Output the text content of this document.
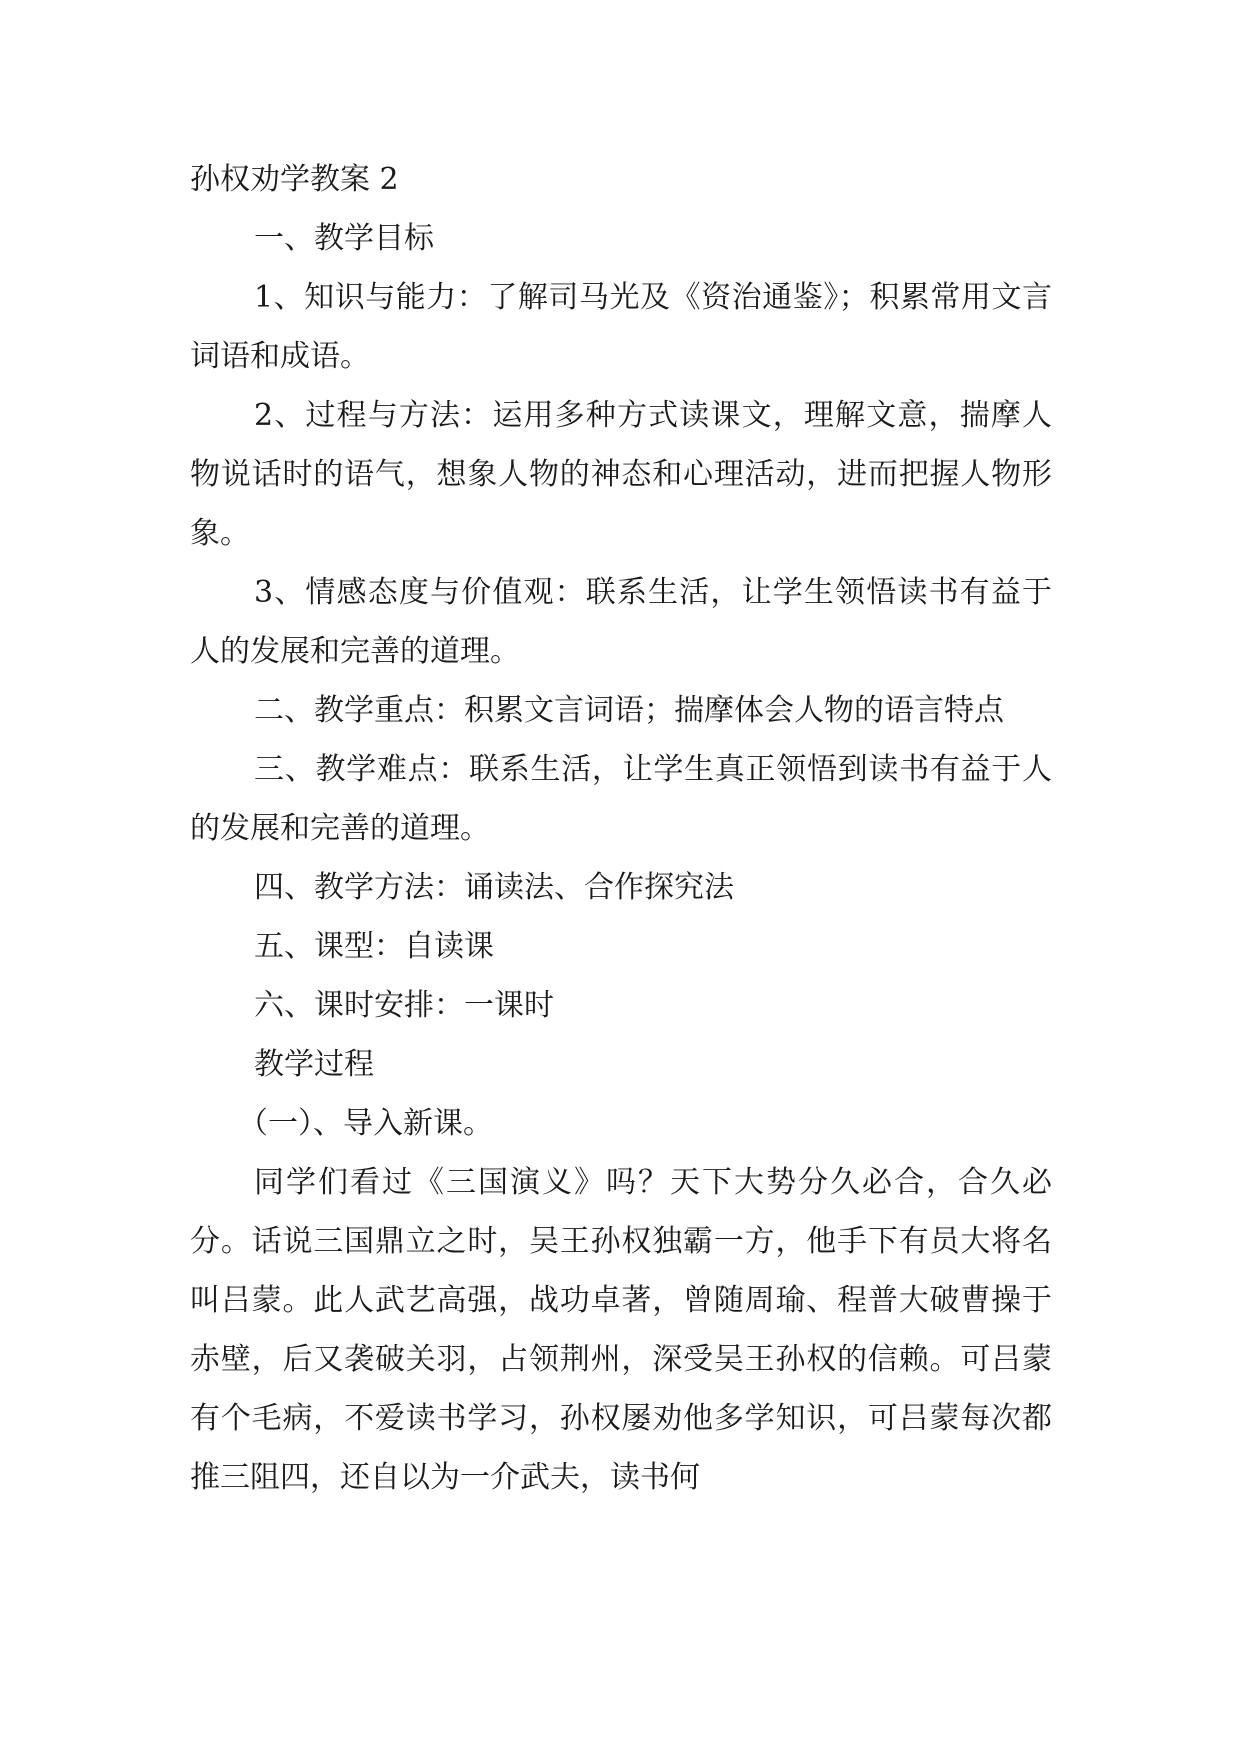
孙权劝学教案 2

一、教学目标

1、知识与能力：了解司马光及《资治通鉴》；积累常用文言词语和成语。

2、过程与方法：运用多种方式读课文，理解文意，揣摩人物说话时的语气，想象人物的神态和心理活动，进而把握人物形象。

3、情感态度与价值观：联系生活，让学生领悟读书有益于人的发展和完善的道理。

二、教学重点：积累文言词语；揣摩体会人物的语言特点

三、教学难点：联系生活，让学生真正领悟到读书有益于人的发展和完善的道理。

四、教学方法：诵读法、合作探究法

五、课型：自读课

六、课时安排：一课时

教学过程

（一）、导入新课。

同学们看过《三国演义》吗？天下大势分久必合，合久必分。话说三国鼎立之时，吴王孙权独霸一方，他手下有员大将名叫吕蒙。此人武艺高强，战功卓著，曾随周瑜、程普大破曹操于赤壁，后又袭破关羽，占领荆州，深受吴王孙权的信赖。可吕蒙有个毛病，不爱读书学习，孙权屡劝他多学知识，可吕蒙每次都推三阻四，还自以为一介武夫，读书何
